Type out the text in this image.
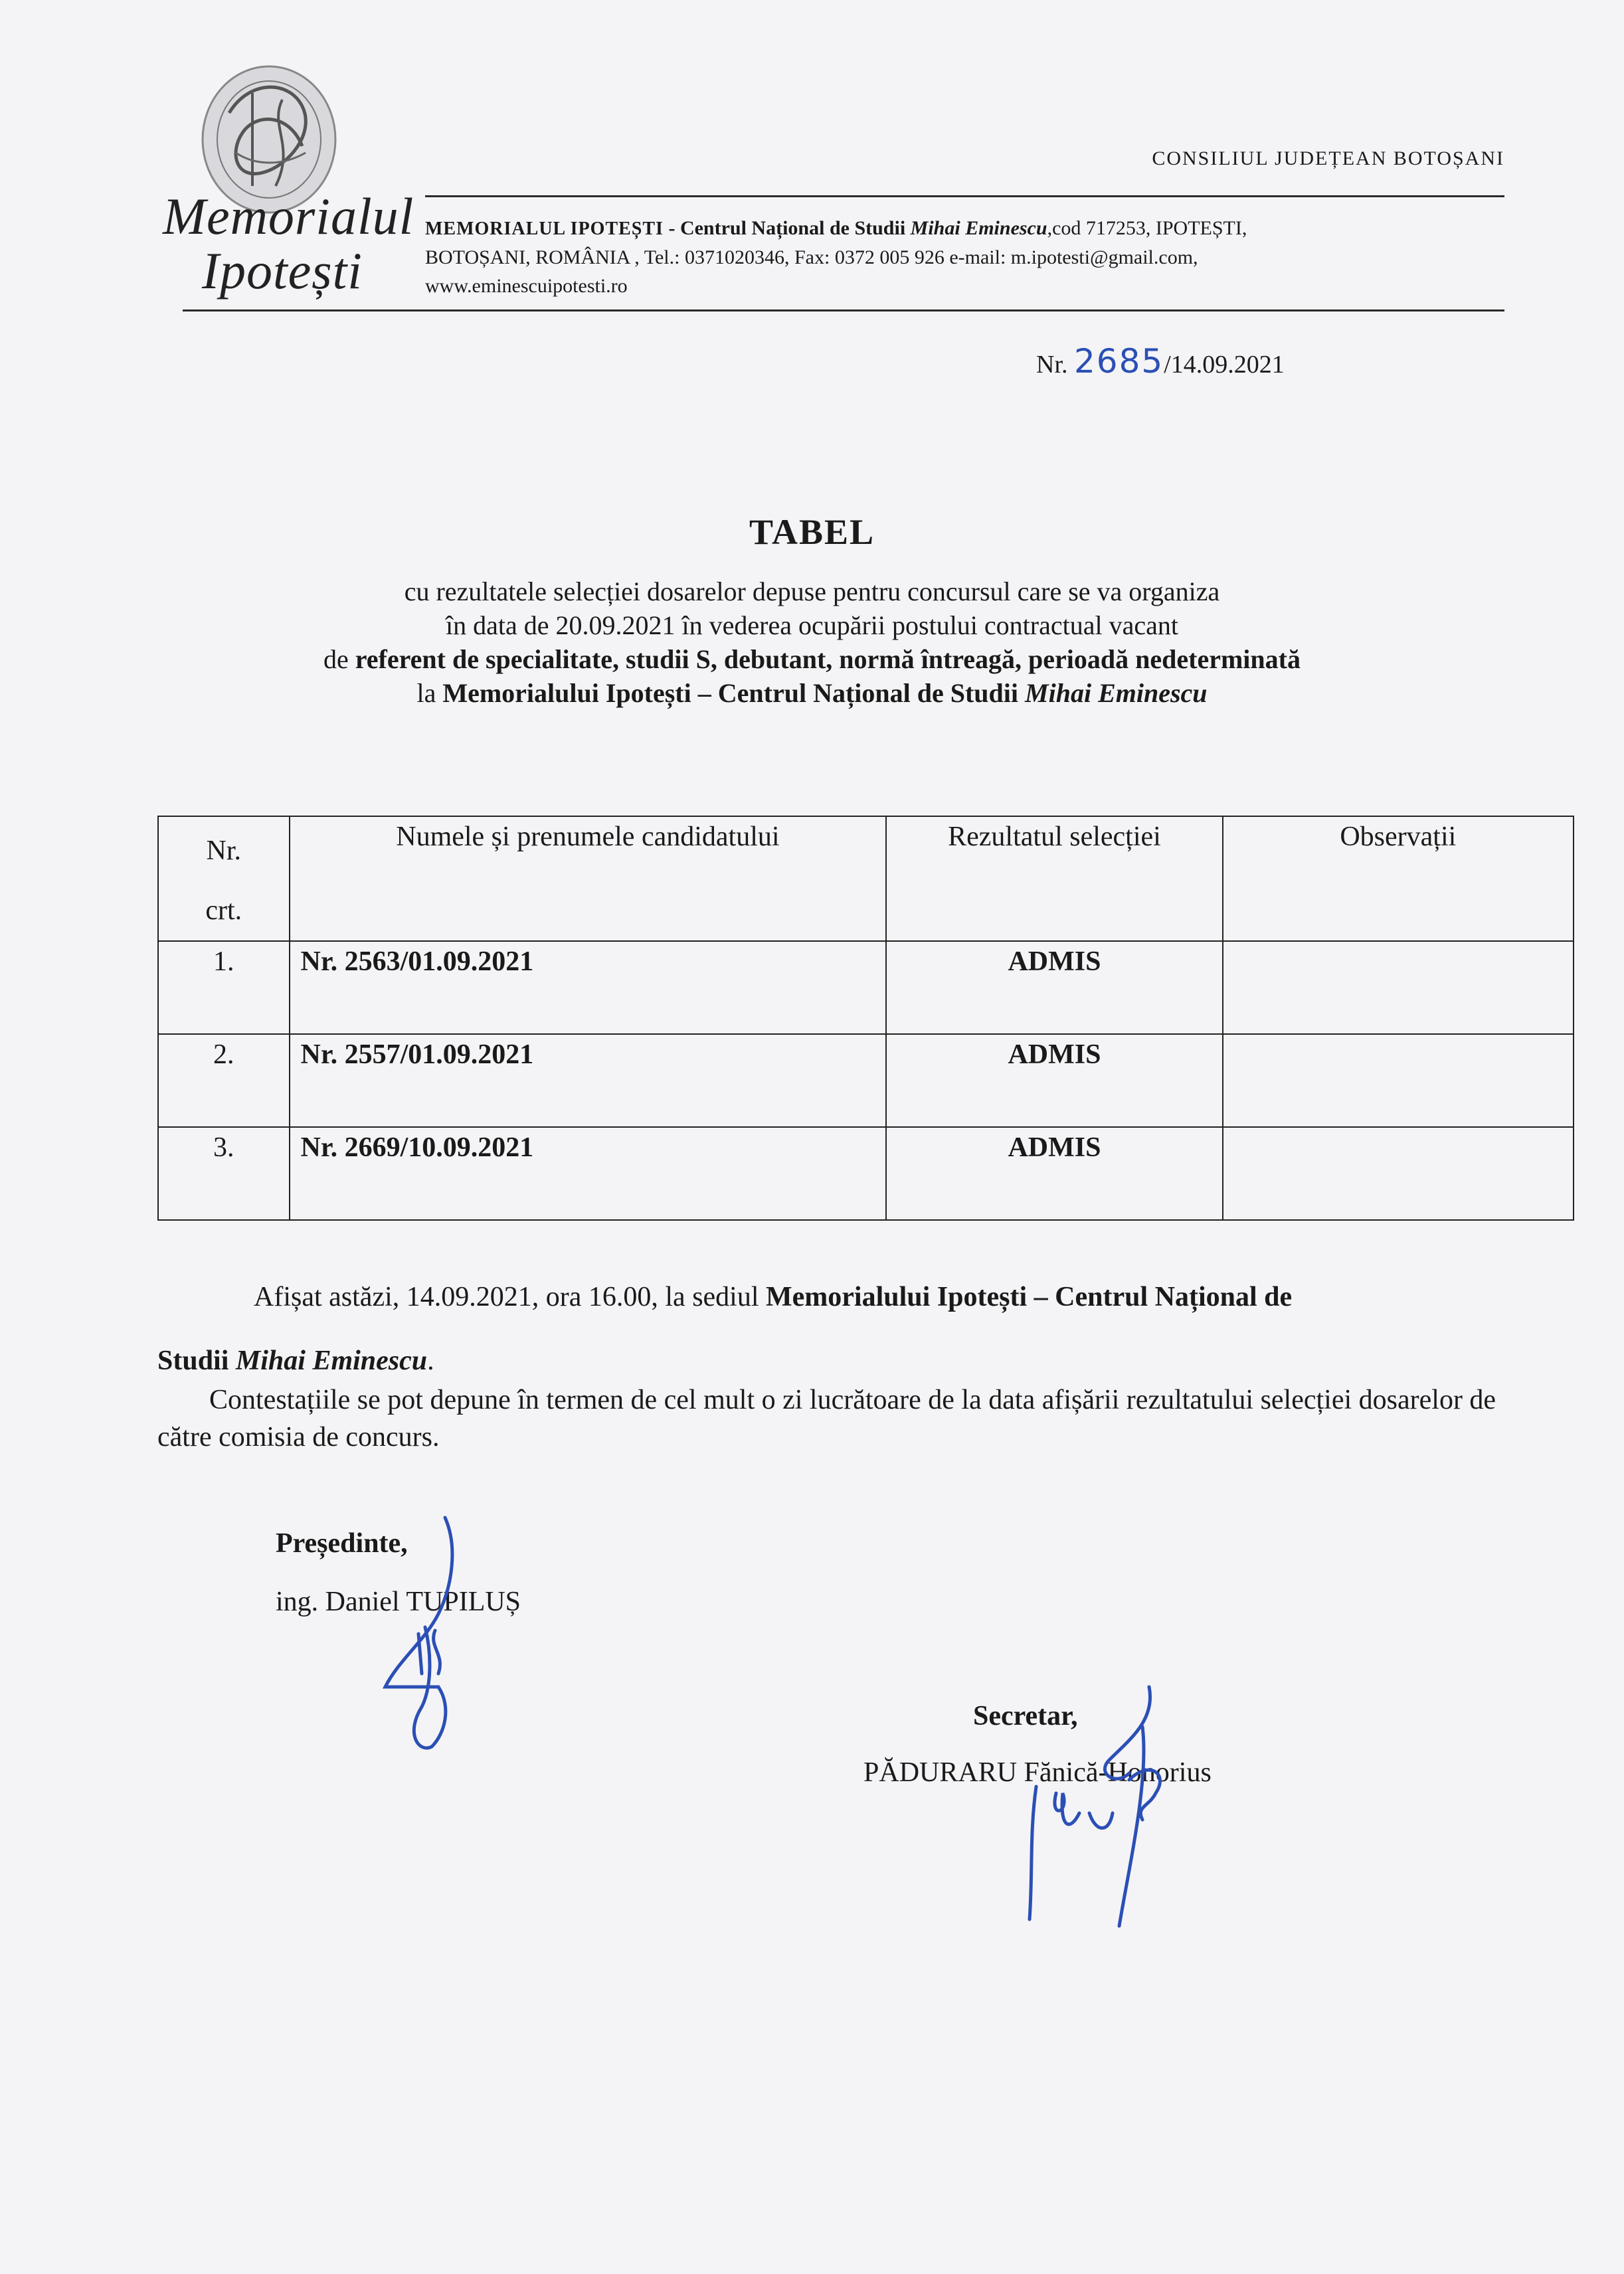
Memorialul
Ipotești
CONSILIUL JUDEȚEAN BOTOȘANI
MEMORIALUL IPOTEȘTI - Centrul Național de Studii Mihai Eminescu,cod 717253, IPOTEȘTI,
BOTOȘANI, ROMÂNIA , Tel.: 0371020346, Fax: 0372 005 926 e-mail: m.ipotesti@gmail.com,
www.eminescuipotesti.ro
Nr. 2685/14.09.2021
TABEL
cu rezultatele selecției dosarelor depuse pentru concursul care se va organiza
în data de 20.09.2021 în vederea ocupării postului contractual vacant
de referent de specialitate, studii S, debutant, normă întreagă, perioadă nedeterminată
la Memorialului Ipotești – Centrul Național de Studii Mihai Eminescu
Nr.
crt.	Numele și prenumele candidatului	Rezultatul selecției	Observații
1.	Nr. 2563/01.09.2021	ADMIS	
2.	Nr. 2557/01.09.2021	ADMIS	
3.	Nr. 2669/10.09.2021	ADMIS	
Afișat astăzi, 14.09.2021, ora 16.00, la sediul Memorialului Ipotești – Centrul Național de
Studii Mihai Eminescu.
Contestațiile se pot depune în termen de cel mult o zi lucrătoare de la data afișării rezultatului selecției dosarelor de către comisia de concurs.
Președinte,
ing. Daniel TUPILUȘ
Secretar,
PĂDURARU Fănică-Honorius
